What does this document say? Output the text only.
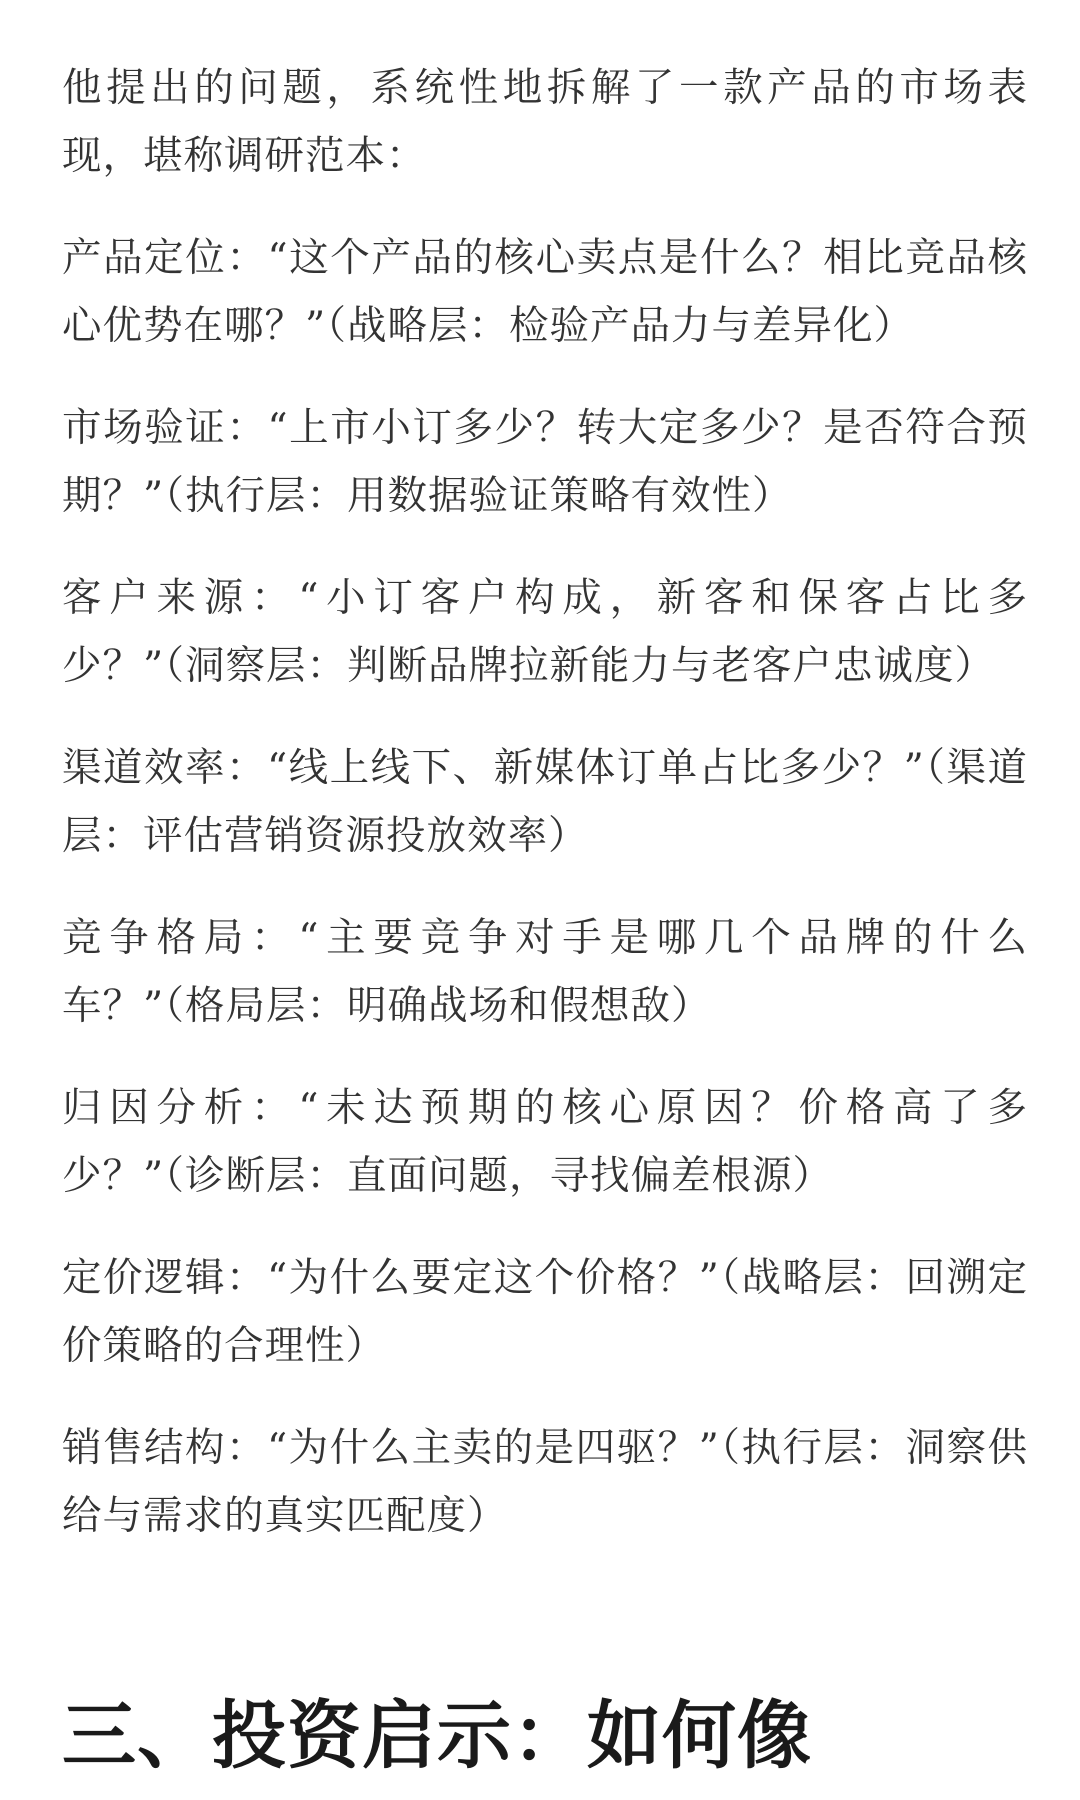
他提出的问题，系统性地拆解了一款产品的市场表现，堪称调研范本：

产品定位：“这个产品的核心卖点是什么？相比竞品核心优势在哪？”（战略层：检验产品力与差异化）

市场验证：“上市小订多少？转大定多少？是否符合预期？”（执行层：用数据验证策略有效性）

客户来源：“小订客户构成，新客和保客占比多少？”（洞察层：判断品牌拉新能力与老客户忠诚度）

渠道效率：“线上线下、新媒体订单占比多少？”（渠道层：评估营销资源投放效率）

竞争格局：“主要竞争对手是哪几个品牌的什么车？”（格局层：明确战场和假想敌）

归因分析：“未达预期的核心原因？价格高了多少？”（诊断层：直面问题，寻找偏差根源）

定价逻辑：“为什么要定这个价格？”（战略层：回溯定价策略的合理性）

销售结构：“为什么主卖的是四驱？”（执行层：洞察供给与需求的真实匹配度）

三、投资启示：如何像
